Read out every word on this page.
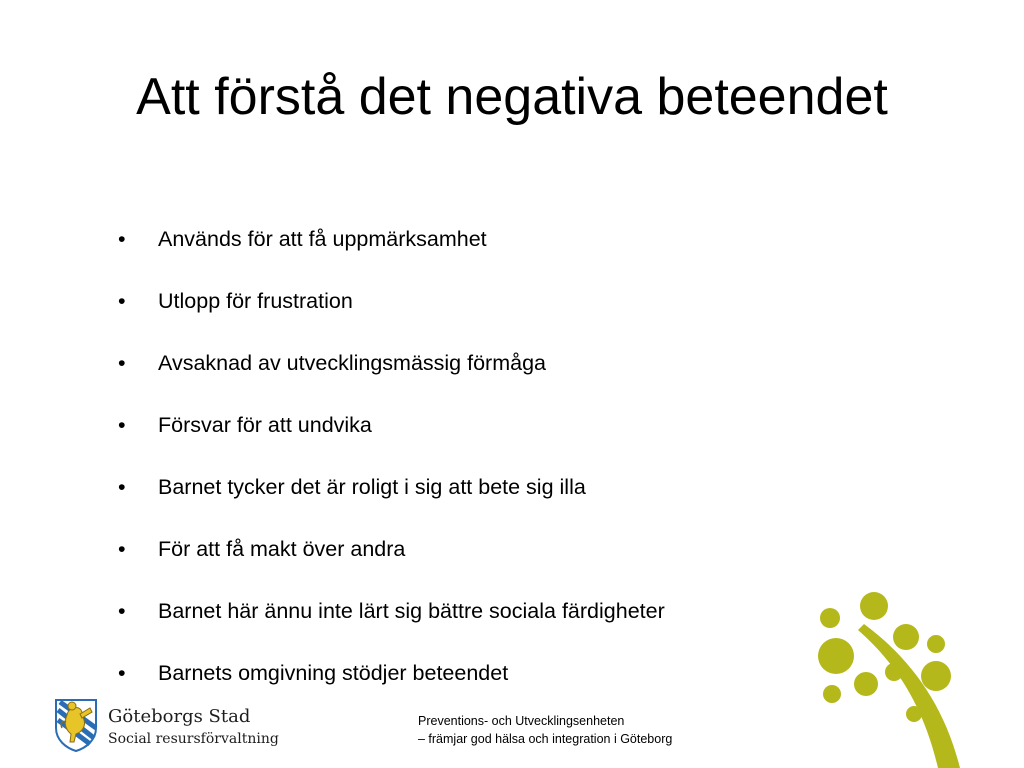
Att förstå det negativa beteendet
•	Används för att få uppmärksamhet
•	Utlopp för frustration
•	Avsaknad av utvecklingsmässig förmåga
•	Försvar för att undvika
•	Barnet tycker det är roligt i sig att bete sig illa
•	För att få makt över andra
•	Barnet här ännu inte lärt sig bättre sociala färdigheter
•	Barnets omgivning stödjer beteendet
Göteborgs Stad
Social resursförvaltning
Preventions- och Utvecklingsenheten
– främjar god hälsa och integration i Göteborg
